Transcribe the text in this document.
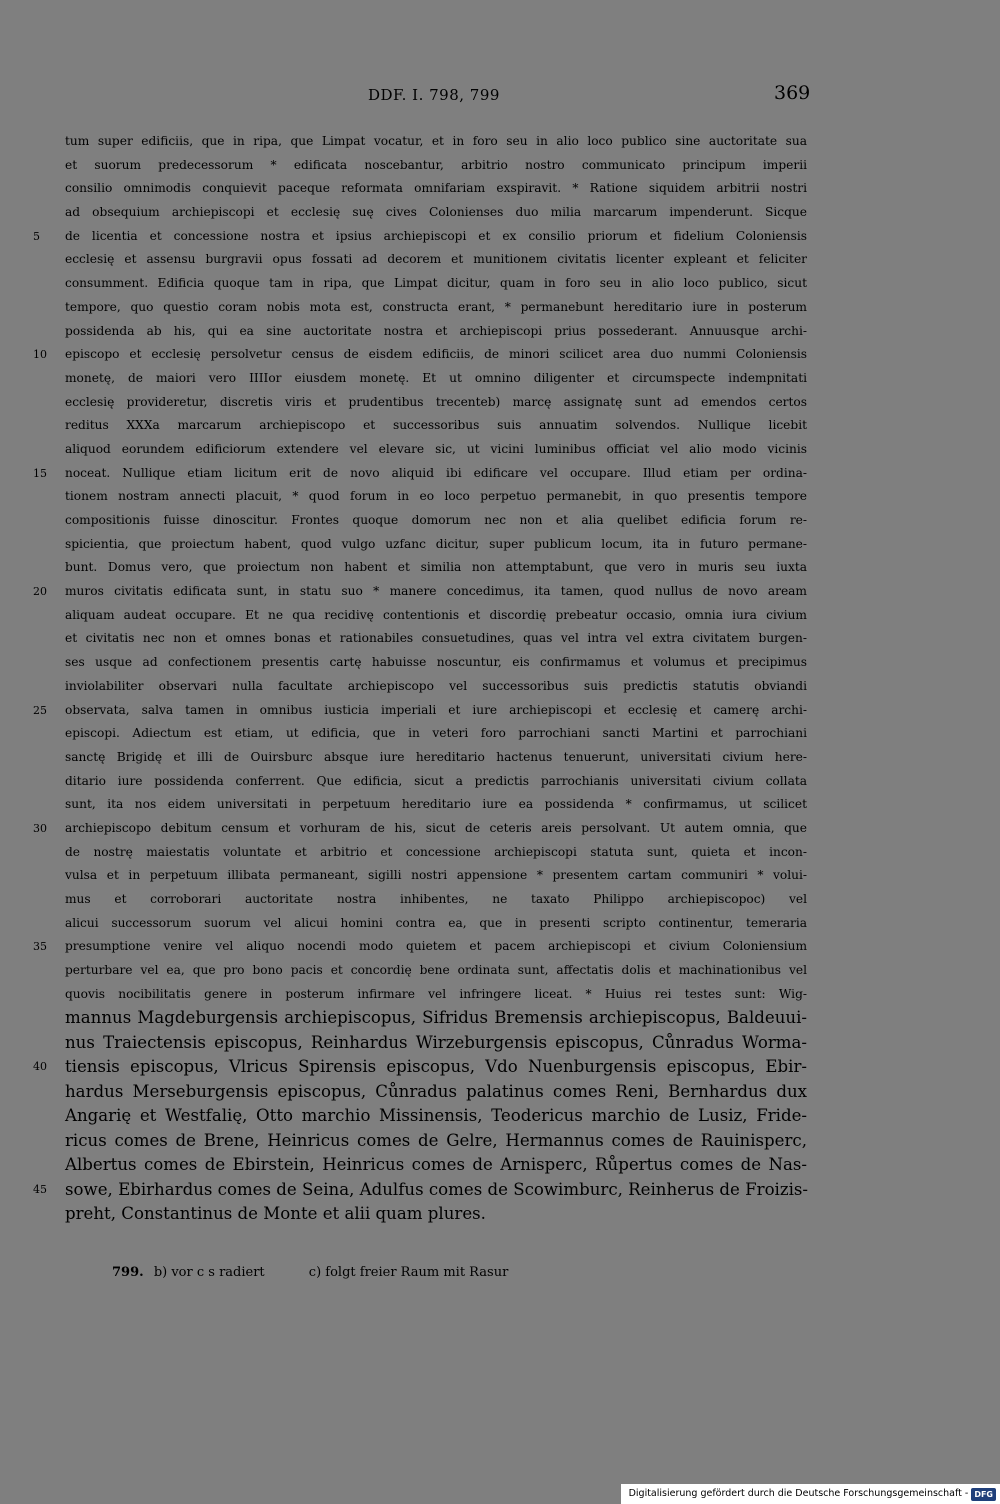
DDF. I. 798, 799	369
tum super edificiis, que in ripa, que Limpat vocatur, et in foro seu in alio loco publico sine auctoritate sua
et suorum predecessorum * edificata noscebantur, arbitrio nostro communicato principum imperii
consilio omnimodis conquievit paceque reformata omnifariam exspiravit. * Ratione siquidem arbitrii nostri
ad obsequium archiepiscopi et ecclesię suę cives Colonienses duo milia marcarum impenderunt. Sicque
5	de licentia et concessione nostra et ipsius archiepiscopi et ex consilio priorum et fidelium Coloniensis
ecclesię et assensu burgravii opus fossati ad decorem et munitionem civitatis licenter expleant et feliciter
consumment. Edificia quoque tam in ripa, que Limpat dicitur, quam in foro seu in alio loco publico, sicut
tempore, quo questio coram nobis mota est, constructa erant, * permanebunt hereditario iure in posterum
possidenda ab his, qui ea sine auctoritate nostra et archiepiscopi prius possederant. Annuusque archi-
10	episcopo et ecclesię persolvetur census de eisdem edificiis, de minori scilicet area duo nummi Coloniensis
monetę, de maiori vero IIIIor eiusdem monetę. Et ut omnino diligenter et circumspecte indempnitati
ecclesię provideretur, discretis viris et prudentibus trecenteb) marcę assignatę sunt ad emendos certos
reditus XXXa marcarum archiepiscopo et successoribus suis annuatim solvendos. Nullique licebit
aliquod eorundem edificiorum extendere vel elevare sic, ut vicini luminibus officiat vel alio modo vicinis
15	noceat. Nullique etiam licitum erit de novo aliquid ibi edificare vel occupare. Illud etiam per ordina-
tionem nostram annecti placuit, * quod forum in eo loco perpetuo permanebit, in quo presentis tempore
compositionis fuisse dinoscitur. Frontes quoque domorum nec non et alia quelibet edificia forum re-
spicientia, que proiectum habent, quod vulgo uzfanc dicitur, super publicum locum, ita in futuro permane-
bunt. Domus vero, que proiectum non habent et similia non attemptabunt, que vero in muris seu iuxta
20	muros civitatis edificata sunt, in statu suo * manere concedimus, ita tamen, quod nullus de novo aream
aliquam audeat occupare. Et ne qua recidivę contentionis et discordię prebeatur occasio, omnia iura civium
et civitatis nec non et omnes bonas et rationabiles consuetudines, quas vel intra vel extra civitatem burgen-
ses usque ad confectionem presentis cartę habuisse noscuntur, eis confirmamus et volumus et precipimus
inviolabiliter observari nulla facultate archiepiscopo vel successoribus suis predictis statutis obviandi
25	observata, salva tamen in omnibus iusticia imperiali et iure archiepiscopi et ecclesię et camerę archi-
episcopi. Adiectum est etiam, ut edificia, que in veteri foro parrochiani sancti Martini et parrochiani
sanctę Brigidę et illi de Ouirsburc absque iure hereditario hactenus tenuerunt, universitati civium here-
ditario iure possidenda conferrent. Que edificia, sicut a predictis parrochianis universitati civium collata
sunt, ita nos eidem universitati in perpetuum hereditario iure ea possidenda * confirmamus, ut scilicet
30	archiepiscopo debitum censum et vorhuram de his, sicut de ceteris areis persolvant. Ut autem omnia, que
de nostrę maiestatis voluntate et arbitrio et concessione archiepiscopi statuta sunt, quieta et incon-
vulsa et in perpetuum illibata permaneant, sigilli nostri appensione * presentem cartam communiri * volui-
mus et corroborari auctoritate nostra inhibentes, ne taxato Philippo archiepiscopoc) vel
alicui successorum suorum vel alicui homini contra ea, que in presenti scripto continentur, temeraria
35	presumptione venire vel aliquo nocendi modo quietem et pacem archiepiscopi et civium Coloniensium
perturbare vel ea, que pro bono pacis et concordię bene ordinata sunt, affectatis dolis et machinationibus vel
quovis nocibilitatis genere in posterum infirmare vel infringere liceat. * Huius rei testes sunt: Wig-
mannus Magdeburgensis archiepiscopus, Sifridus Bremensis archiepiscopus, Baldeuui-
nus Traiectensis episcopus, Reinhardus Wirzeburgensis episcopus, Cůnradus Worma-
40	tiensis episcopus, Vlricus Spirensis episcopus, Vdo Nuenburgensis episcopus, Ebir-
hardus Merseburgensis episcopus, Cůnradus palatinus comes Reni, Bernhardus dux
Angarię et Westfalię, Otto marchio Missinensis, Teodericus marchio de Lusiz, Fride-
ricus comes de Brene, Heinricus comes de Gelre, Hermannus comes de Rauinisperc,
Albertus comes de Ebirstein, Heinricus comes de Arnisperc, Růpertus comes de Nas-
45	sowe, Ebirhardus comes de Seina, Adulfus comes de Scowimburc, Reinherus de Froizis-
preht, Constantinus de Monte et alii quam plures.
799. b) vor c s radiert	c) folgt freier Raum mit Rasur
Digitalisierung gefördert durch die Deutsche Forschungsgemeinschaft - DFG
